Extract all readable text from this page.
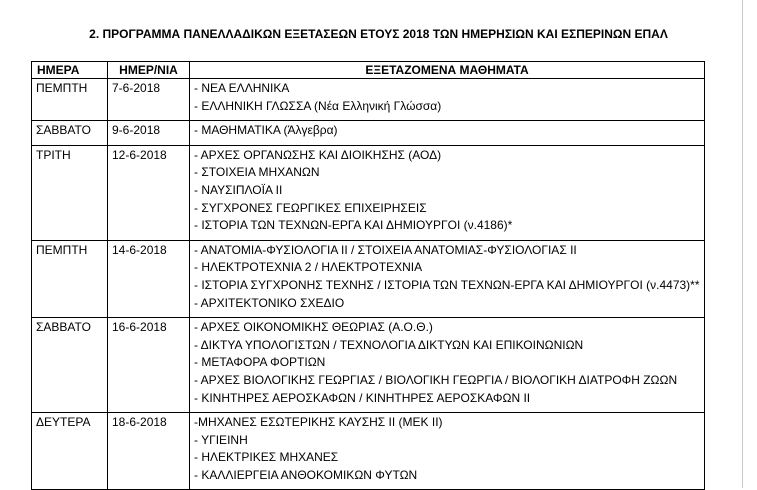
2. ΠΡΟΓΡΑΜΜΑ ΠΑΝΕΛΛΑΔΙΚΩΝ ΕΞΕΤΑΣΕΩΝ ΕΤΟΥΣ 2018 ΤΩΝ ΗΜΕΡΗΣΙΩΝ ΚΑΙ ΕΣΠΕΡΙΝΩΝ ΕΠΑΛ
ΗΜΕΡΑ	ΗΜΕΡ/ΝΙΑ	ΕΞΕΤΑΖΟΜΕΝΑ ΜΑΘΗΜΑΤΑ
ΠΕΜΠΤΗ	7-6-2018	- ΝΕΑ ΕΛΛΗΝΙΚΑ
- ΕΛΛΗΝΙΚΗ ΓΛΩΣΣΑ (Νέα Ελληνική Γλώσσα)

ΣΑΒΒΑΤΟ	9-6-2018	- ΜΑΘΗΜΑΤΙΚΑ (Άλγεβρα)

ΤΡΙΤΗ	12-6-2018	- ΑΡΧΕΣ ΟΡΓΑΝΩΣΗΣ ΚΑΙ ΔΙΟΙΚΗΣΗΣ (ΑΟΔ)
- ΣΤΟΙΧΕΙΑ ΜΗΧΑΝΩΝ
- ΝΑΥΣΙΠΛΟΪΑ ΙΙ
- ΣΥΓΧΡΟΝΕΣ ΓΕΩΡΓΙΚΕΣ ΕΠΙΧΕΙΡΗΣΕΙΣ
- ΙΣΤΟΡΙΑ ΤΩΝ ΤΕΧΝΩΝ-ΕΡΓΑ ΚΑΙ ΔΗΜΙΟΥΡΓΟΙ (ν.4186)*

ΠΕΜΠΤΗ	14-6-2018	- ΑΝΑΤΟΜΙΑ-ΦΥΣΙΟΛΟΓΙΑ ΙΙ / ΣΤΟΙΧΕΙΑ ΑΝΑΤΟΜΙΑΣ-ΦΥΣΙΟΛΟΓΙΑΣ ΙΙ
- ΗΛΕΚΤΡΟΤΕΧΝΙΑ 2 / ΗΛΕΚΤΡΟΤΕΧΝΙΑ
- ΙΣΤΟΡΙΑ ΣΥΓΧΡΟΝΗΣ ΤΕΧΝΗΣ / ΙΣΤΟΡΙΑ ΤΩΝ ΤΕΧΝΩΝ-ΕΡΓΑ ΚΑΙ ΔΗΜΙΟΥΡΓΟΙ (ν.4473)**
- ΑΡΧΙΤΕΚΤΟΝΙΚΟ ΣΧΕΔΙΟ

ΣΑΒΒΑΤΟ	16-6-2018	- ΑΡΧΕΣ ΟΙΚΟΝΟΜΙΚΗΣ ΘΕΩΡΙΑΣ (Α.Ο.Θ.)
- ΔΙΚΤΥΑ ΥΠΟΛΟΓΙΣΤΩΝ / ΤΕΧΝΟΛΟΓΙΑ ΔΙΚΤΥΩΝ ΚΑΙ ΕΠΙΚΟΙΝΩΝΙΩΝ
- ΜΕΤΑΦΟΡΑ ΦΟΡΤΙΩΝ
- ΑΡΧΕΣ ΒΙΟΛΟΓΙΚΗΣ ΓΕΩΡΓΙΑΣ / ΒΙΟΛΟΓΙΚΗ ΓΕΩΡΓΙΑ / ΒΙΟΛΟΓΙΚΗ ΔΙΑΤΡΟΦΗ ΖΩΩΝ
- ΚΙΝΗΤΗΡΕΣ ΑΕΡΟΣΚΑΦΩΝ / ΚΙΝΗΤΗΡΕΣ ΑΕΡΟΣΚΑΦΩΝ ΙΙ

ΔΕΥΤΕΡΑ	18-6-2018	-ΜΗΧΑΝΕΣ ΕΣΩΤΕΡΙΚΗΣ ΚΑΥΣΗΣ ΙΙ (ΜΕΚ ΙΙ)
- ΥΓΙΕΙΝΗ
- ΗΛΕΚΤΡΙΚΕΣ ΜΗΧΑΝΕΣ
- ΚΑΛΛΙΕΡΓΕΙΑ ΑΝΘΟΚΟΜΙΚΩΝ ΦΥΤΩΝ
